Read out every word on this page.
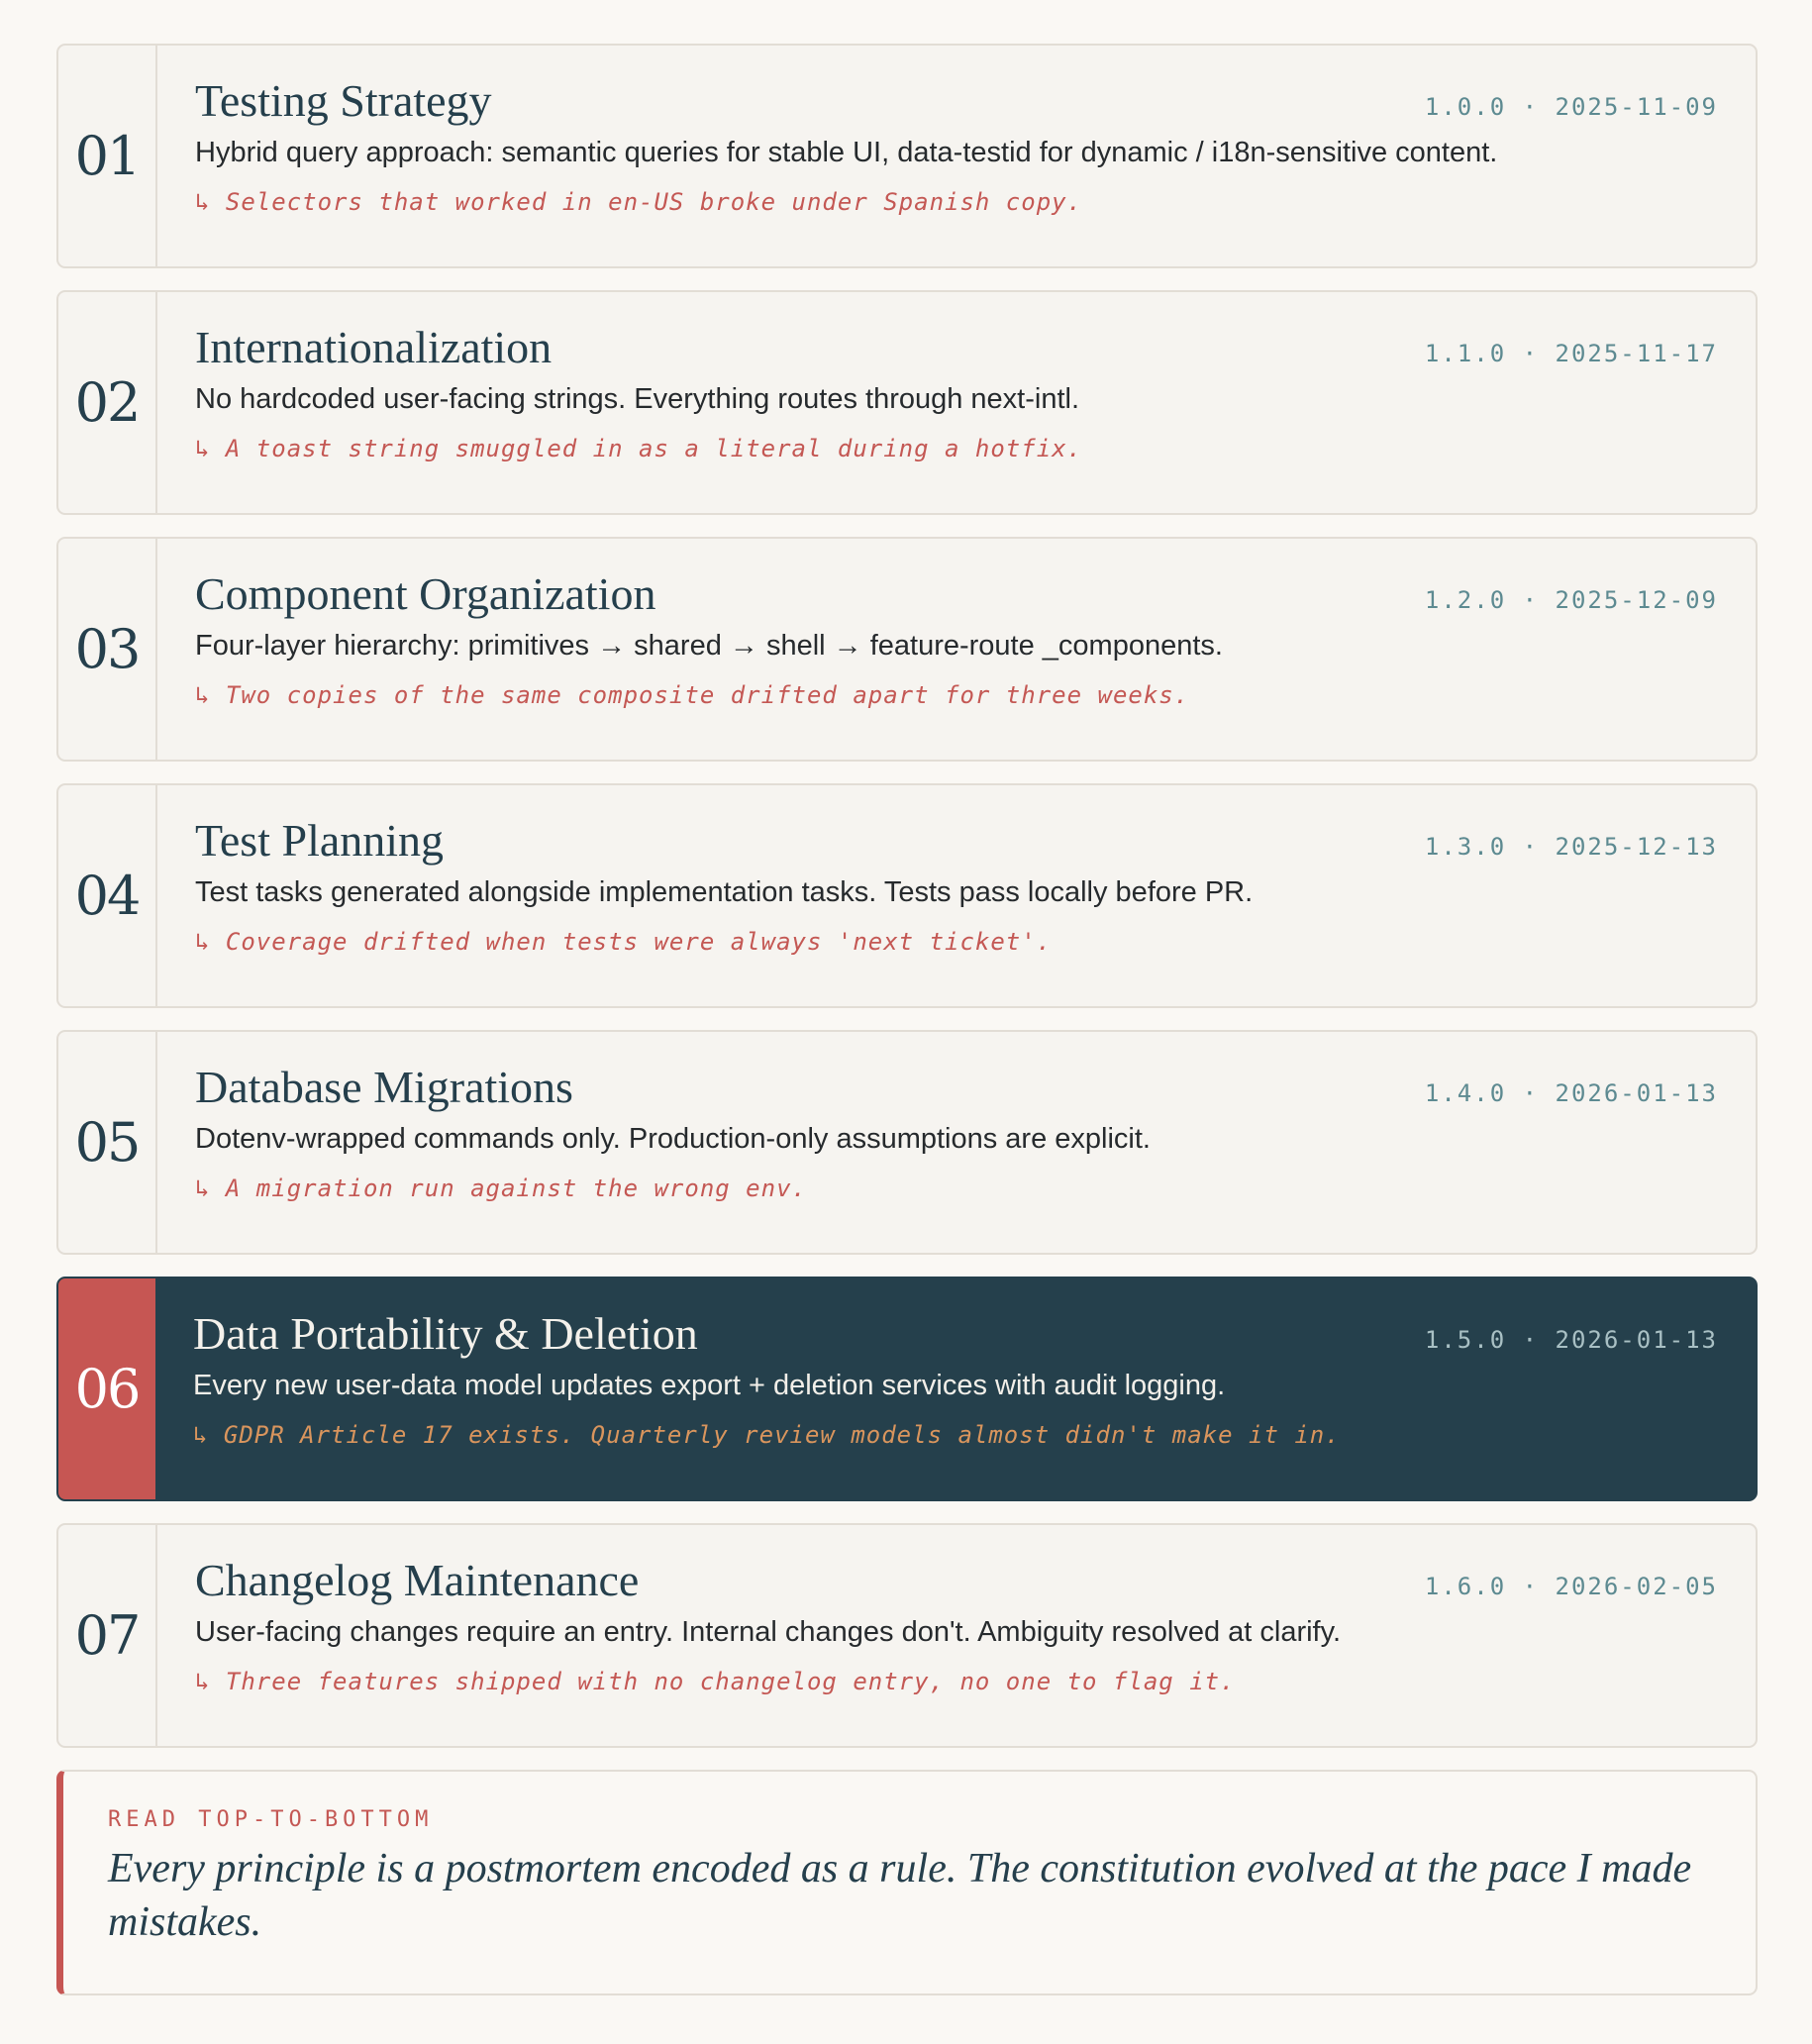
01
Testing Strategy	1.0.0 · 2025-11-09
Hybrid query approach: semantic queries for stable UI, data-testid for dynamic / i18n-sensitive content.
↳ Selectors that worked in en-US broke under Spanish copy.
02
Internationalization	1.1.0 · 2025-11-17
No hardcoded user-facing strings. Everything routes through next-intl.
↳ A toast string smuggled in as a literal during a hotfix.
03
Component Organization	1.2.0 · 2025-12-09
Four-layer hierarchy: primitives → shared → shell → feature-route _components.
↳ Two copies of the same composite drifted apart for three weeks.
04
Test Planning	1.3.0 · 2025-12-13
Test tasks generated alongside implementation tasks. Tests pass locally before PR.
↳ Coverage drifted when tests were always 'next ticket'.
05
Database Migrations	1.4.0 · 2026-01-13
Dotenv-wrapped commands only. Production-only assumptions are explicit.
↳ A migration run against the wrong env.
06
Data Portability & Deletion	1.5.0 · 2026-01-13
Every new user-data model updates export + deletion services with audit logging.
↳ GDPR Article 17 exists. Quarterly review models almost didn't make it in.
07
Changelog Maintenance	1.6.0 · 2026-02-05
User-facing changes require an entry. Internal changes don't. Ambiguity resolved at clarify.
↳ Three features shipped with no changelog entry, no one to flag it.
READ TOP-TO-BOTTOM
Every principle is a postmortem encoded as a rule. The constitution evolved at the pace I made mistakes.
